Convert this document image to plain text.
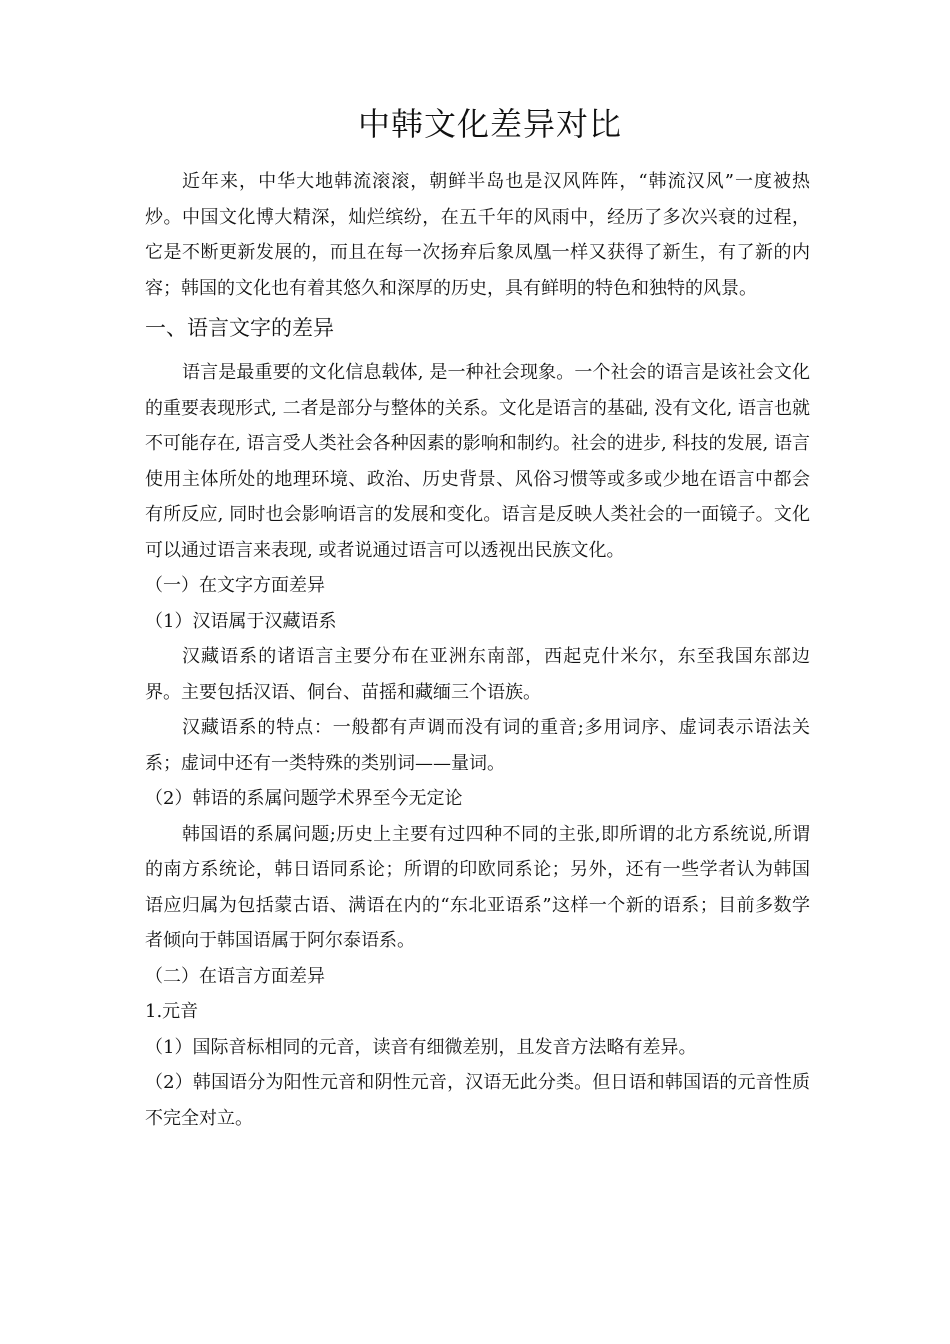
中韩文化差异对比

近年来，中华大地韩流滚滚，朝鲜半岛也是汉风阵阵，“韩流汉风”一度被热炒。中国文化博大精深，灿烂缤纷，在五千年的风雨中，经历了多次兴衰的过程，它是不断更新发展的，而且在每一次扬弃后象凤凰一样又获得了新生，有了新的内容；韩国的文化也有着其悠久和深厚的历史，具有鲜明的特色和独特的风景。

一、语言文字的差异

语言是最重要的文化信息载体, 是一种社会现象。一个社会的语言是该社会文化的重要表现形式, 二者是部分与整体的关系。文化是语言的基础, 没有文化, 语言也就不可能存在, 语言受人类社会各种因素的影响和制约。社会的进步, 科技的发展, 语言使用主体所处的地理环境、政治、历史背景、风俗习惯等或多或少地在语言中都会有所反应, 同时也会影响语言的发展和变化。语言是反映人类社会的一面镜子。文化可以通过语言来表现, 或者说通过语言可以透视出民族文化。

（一）在文字方面差异
（1）汉语属于汉藏语系

汉藏语系的诸语言主要分布在亚洲东南部，西起克什米尔，东至我国东部边界。主要包括汉语、侗台、苗摇和藏缅三个语族。

汉藏语系的特点：一般都有声调而没有词的重音;多用词序、虚词表示语法关系；虚词中还有一类特殊的类别词——量词。

（2）韩语的系属问题学术界至今无定论

韩国语的系属问题;历史上主要有过四种不同的主张,即所谓的北方系统说,所谓的南方系统论，韩日语同系论；所谓的印欧同系论；另外，还有一些学者认为韩国语应归属为包括蒙古语、满语在内的“东北亚语系”这样一个新的语系；目前多数学者倾向于韩国语属于阿尔泰语系。

（二）在语言方面差异
1.元音

（1）国际音标相同的元音，读音有细微差别，且发音方法略有差异。

（2）韩国语分为阳性元音和阴性元音，汉语无此分类。但日语和韩国语的元音性质不完全对立。
